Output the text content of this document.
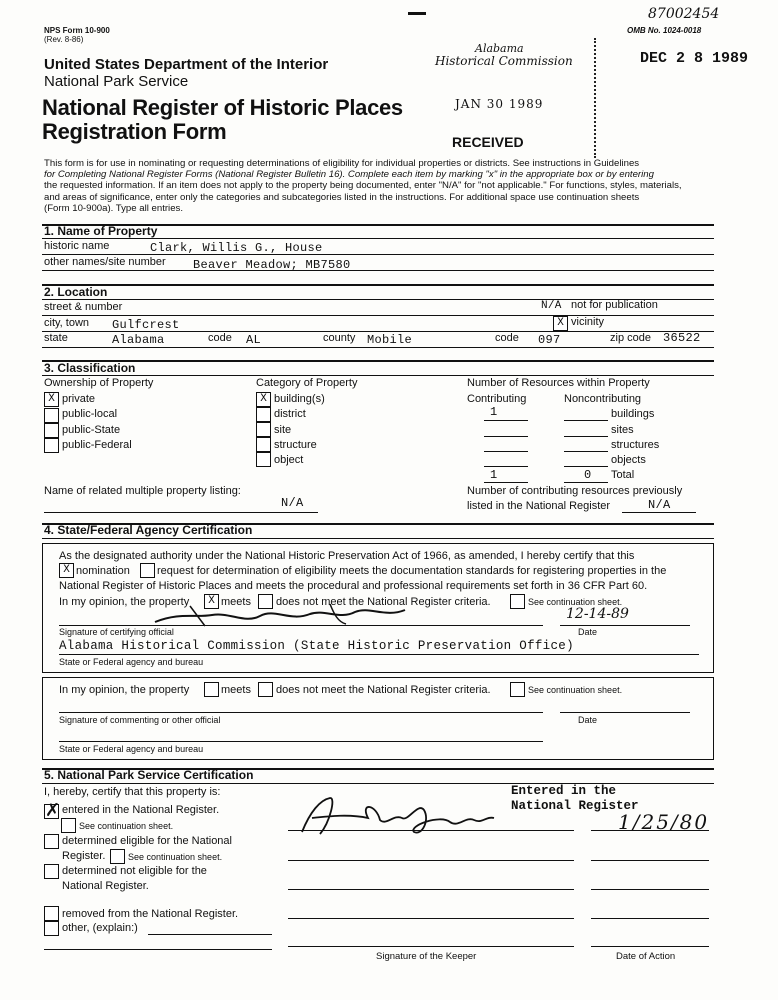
NPS Form 10-900
(Rev. 8-86)
OMB No. 1024-0018
87002454
United States Department of the Interior
National Park Service
National Register of Historic Places
Registration Form
Alabama
Historical Commission
JAN 30 1989
DEC 2 8 1989
RECEIVED
This form is for use in nominating or requesting determinations of eligibility for individual properties or districts. See instructions in Guidelines
for Completing National Register Forms (National Register Bulletin 16). Complete each item by marking "x" in the appropriate box or by entering
the requested information. If an item does not apply to the property being documented, enter "N/A" for "not applicable." For functions, styles, materials,
and areas of significance, enter only the categories and subcategories listed in the instructions. For additional space use continuation sheets
(Form 10-900a). Type all entries.
1. Name of Property
historic name	Clark, Willis G., House
other names/site number Beaver Meadow; MB7580
2. Location
street & number	N/A not for publication
city, town Gulfcrest	X vicinity
state	Alabama	code AL	county Mobile	code 097	zip code 36522
3. Classification
Ownership of Property	Category of Property	Number of Resources within Property
Contributing	Noncontributing
X private
public-local
public-State
public-Federal
X building(s)
district
site
structure
object
1	buildings
sites
structures
objects
1	0 Total
Name of related multiple property listing:
N/A
Number of contributing resources previously
listed in the National Register	N/A
4. State/Federal Agency Certification
As the designated authority under the National Historic Preservation Act of 1966, as amended, I hereby certify that this
X nomination request for determination of eligibility meets the documentation standards for registering properties in the
National Register of Historic Places and meets the procedural and professional requirements set forth in 36 CFR Part 60.
In my opinion, the property	X meets does not meet the National Register criteria.	See continuation sheet.
12-14-89
Signature of certifying official	Date
Alabama Historical Commission (State Historic Preservation Office)
State or Federal agency and bureau
In my opinion, the property	meets does not meet the National Register criteria.	See continuation sheet.
Signature of commenting or other official	Date
State or Federal agency and bureau
5. National Park Service Certification
I, hereby, certify that this property is:
✗ entered in the National Register.
See continuation sheet.
determined eligible for the National
Register.	See continuation sheet.
determined not eligible for the
National Register.
removed from the National Register.
other, (explain:)
Entered in the
National Register
1/25/80
Signature of the Keeper	Date of Action
